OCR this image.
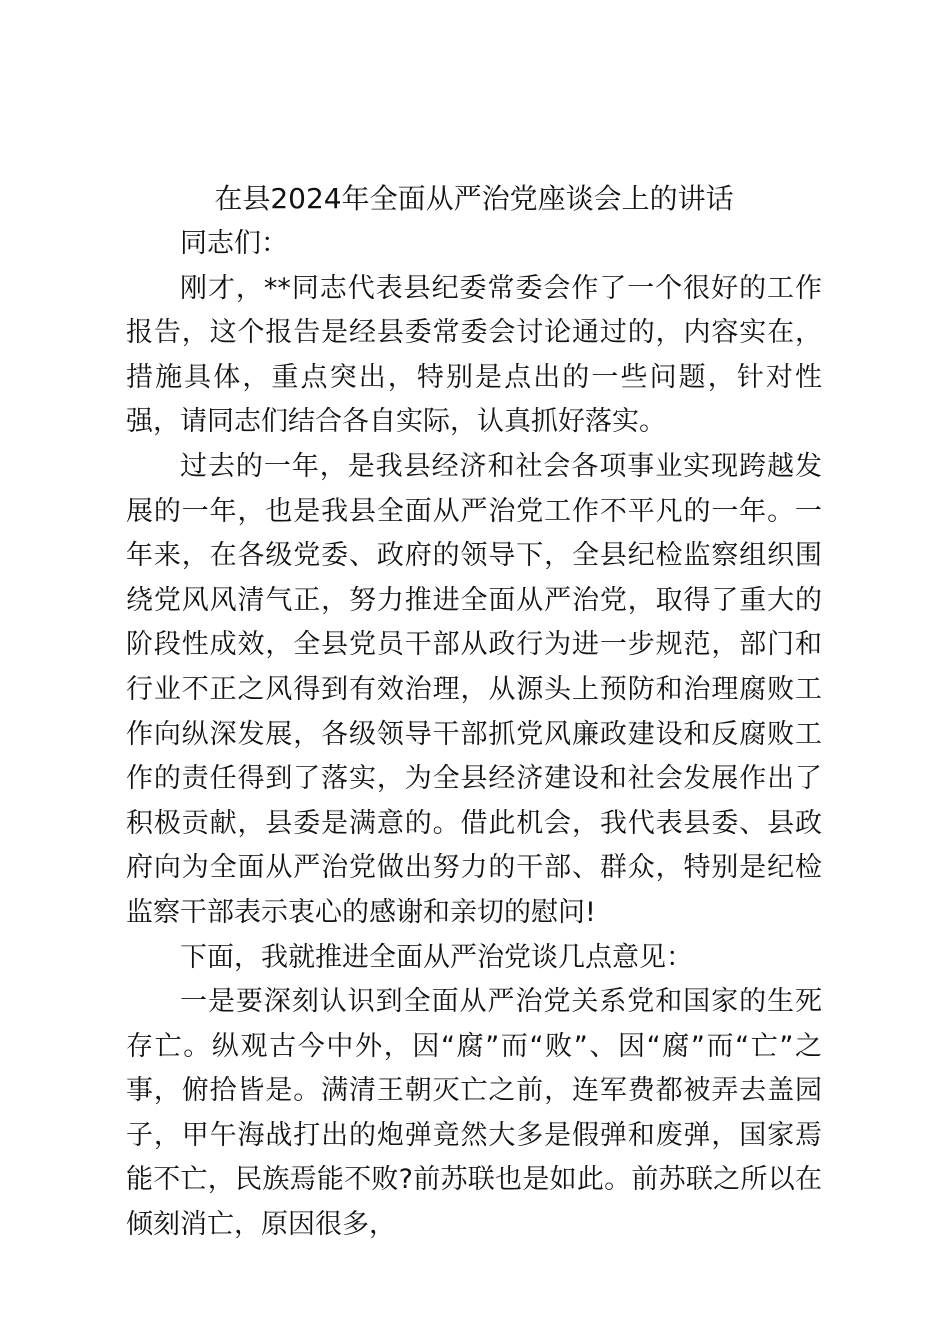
在县2024年全面从严治党座谈会上的讲话

同志们：

刚才，**同志代表县纪委常委会作了一个很好的工作报告，这个报告是经县委常委会讨论通过的，内容实在，措施具体，重点突出，特别是点出的一些问题，针对性强，请同志们结合各自实际，认真抓好落实。

过去的一年，是我县经济和社会各项事业实现跨越发展的一年，也是我县全面从严治党工作不平凡的一年。一年来，在各级党委、政府的领导下，全县纪检监察组织围绕党风风清气正，努力推进全面从严治党，取得了重大的阶段性成效，全县党员干部从政行为进一步规范，部门和行业不正之风得到有效治理，从源头上预防和治理腐败工作向纵深发展，各级领导干部抓党风廉政建设和反腐败工作的责任得到了落实，为全县经济建设和社会发展作出了积极贡献，县委是满意的。借此机会，我代表县委、县政府向为全面从严治党做出努力的干部、群众，特别是纪检监察干部表示衷心的感谢和亲切的慰问!

下面，我就推进全面从严治党谈几点意见：

一是要深刻认识到全面从严治党关系党和国家的生死存亡。纵观古今中外，因“腐”而“败”、因“腐”而“亡”之事，俯拾皆是。满清王朝灭亡之前，连军费都被弄去盖园子，甲午海战打出的炮弹竟然大多是假弹和废弹，国家焉能不亡，民族焉能不败?前苏联也是如此。前苏联之所以在倾刻消亡，原因很多，
